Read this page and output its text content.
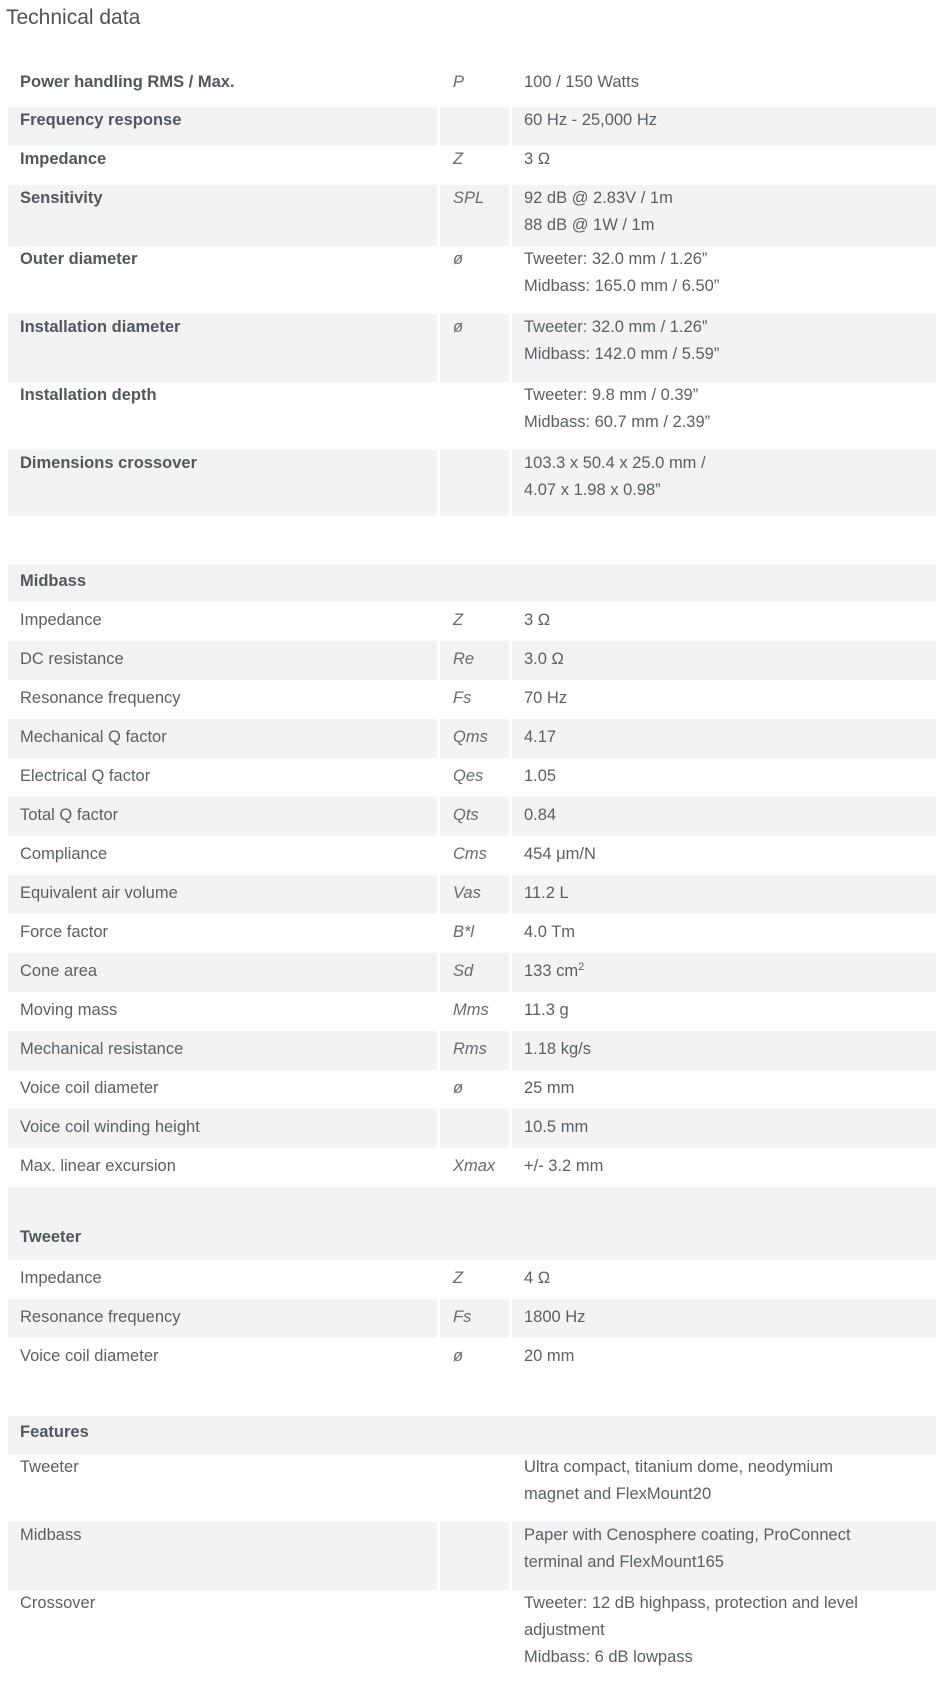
Technical data
Power handling RMS / Max.	P	100 / 150 Watts

Frequency response		60 Hz - 25,000 Hz

Impedance	Z	3 Ω

Sensitivity	SPL	92 dB @ 2.83V / 1m
88 dB @ 1W / 1m

Outer diameter	ø	Tweeter: 32.0 mm / 1.26”
Midbass: 165.0 mm / 6.50”

Installation diameter	ø	Tweeter: 32.0 mm / 1.26”
Midbass: 142.0 mm / 5.59”

Installation depth		Tweeter: 9.8 mm / 0.39”
Midbass: 60.7 mm / 2.39”

Dimensions crossover		103.3 x 50.4 x 25.0 mm /
4.07 x 1.98 x 0.98”
Midbass		
Impedance	Z	3 Ω
DC resistance	Re	3.0 Ω
Resonance frequency	Fs	70 Hz
Mechanical Q factor	Qms	4.17
Electrical Q factor	Qes	1.05
Total Q factor	Qts	0.84
Compliance	Cms	454 μm/N
Equivalent air volume	Vas	11.2 L
Force factor	B*l	4.0 Tm
Cone area	Sd	133 $cm^2$
Moving mass	Mms	11.3 g
Mechanical resistance	Rms	1.18 kg/s
Voice coil diameter	ø	25 mm
Voice coil winding height		10.5 mm
Max. linear excursion	Xmax	+/- 3.2 mm

Tweeter		
Impedance	Z	4 Ω
Resonance frequency	Fs	1800 Hz
Voice coil diameter	ø	20 mm
Features		
Tweeter		Ultra compact, titanium dome, neodymium
magnet and FlexMount20

Midbass		Paper with Cenosphere coating, ProConnect
terminal and FlexMount165

Crossover		Tweeter: 12 dB highpass, protection and level
adjustment
Midbass: 6 dB lowpass
